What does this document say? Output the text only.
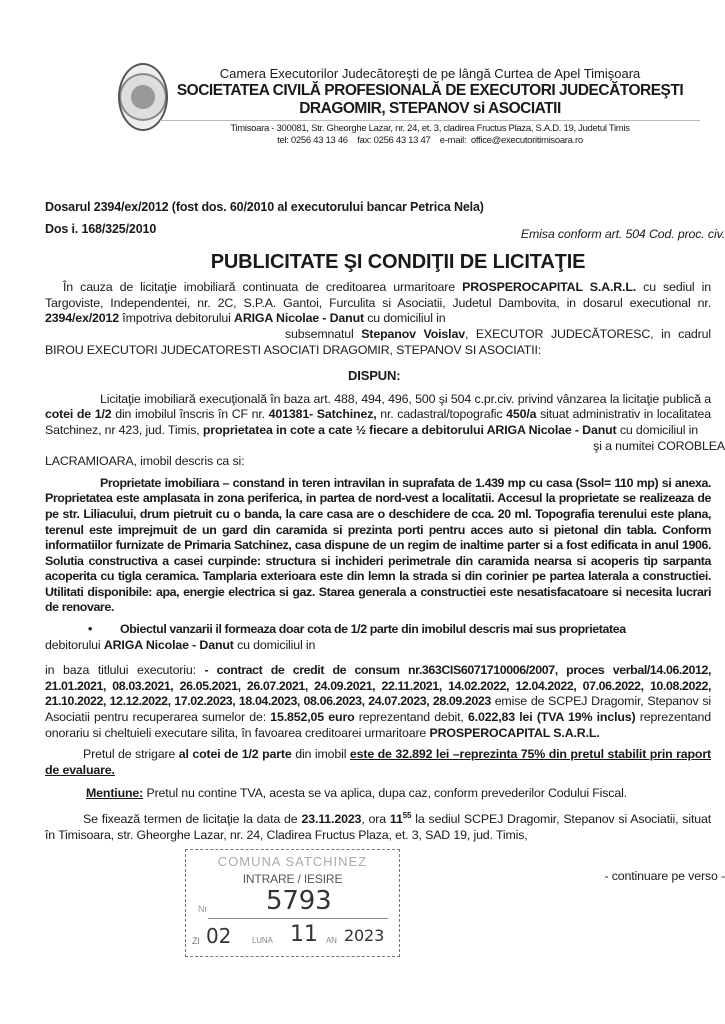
Camera Executorilor Judecătoreşti de pe lângă Curtea de Apel Timişoara
SOCIETATEA CIVILĂ PROFESIONALĂ DE EXECUTORI JUDECĂTOREŞTI
DRAGOMIR, STEPANOV si ASOCIATII
Timisoara - 300081, Str. Gheorghe Lazar, nr. 24, et. 3, cladirea Fructus Plaza, S.A.D. 19, Judetul Timis
tel: 0256 43 13 46    fax: 0256 43 13 47    e-mail:  office@executoritimisoara.ro
Dosarul 2394/ex/2012 (fost dos. 60/2010 al executorului bancar Petrica Nela)
Dos i. 168/325/2010	Emisa conform art. 504 Cod. proc. civ.
PUBLICITATE ŞI CONDIŢII DE LICITAŢIE
În cauza de licitaţie imobiliară continuata de creditoarea urmaritoare PROSPEROCAPITAL S.A.R.L. cu sediul in Targoviste, Independentei, nr. 2C, S.P.A. Gantoi, Furculita si Asociatii, Judetul Dambovita, in dosarul executional nr. 2394/ex/2012 împotriva debitorului ARIGA Nicolae - Danut cu domiciliul in
subsemnatul Stepanov Voislav, EXECUTOR JUDECĂTORESC, in cadrul BIROU EXECUTORI JUDECATORESTI ASOCIATI DRAGOMIR, STEPANOV SI ASOCIATII:
DISPUN:
Licitaţie imobiliară execuţională în baza art. 488, 494, 496, 500 şi 504 c.pr.civ. privind vânzarea la licitaţie publică a cotei de 1/2 din imobilul înscris în CF nr. 401381- Satchinez, nr. cadastral/topografic 450/a situat administrativ in localitatea Satchinez, nr 423, jud. Timis, proprietatea in cote a cate ½ fiecare a debitorului ARIGA Nicolae - Danut cu domiciliul in
şi a numitei COROBLEA
LACRAMIOARA, imobil descris ca si:
Proprietate imobiliara – constand in teren intravilan in suprafata de 1.439 mp cu casa (Ssol= 110 mp) si anexa. Proprietatea este amplasata in zona periferica, in partea de nord-vest a localitatii. Accesul la proprietate se realizeaza de pe str. Liliacului, drum pietruit cu o banda, la care casa are o deschidere de cca. 20 ml. Topografia terenului este plana, terenul este imprejmuit de un gard din caramida si prezinta porti pentru acces auto si pietonal din tabla. Conform informatiilor furnizate de Primaria Satchinez, casa dispune de un regim de inaltime parter si a fost edificata in anul 1906. Solutia constructiva a casei curpinde: structura si inchideri perimetrale din caramida nearsa si acoperis tip sarpanta acoperita cu tigla ceramica. Tamplaria exterioara este din lemn la strada si din corinier pe partea laterala a constructiei. Utilitati disponibile: apa, energie electrica si gaz. Starea generala a constructiei este nesatisfacatoare si necesita lucrari de renovare.
•	Obiectul vanzarii il formeaza doar cota de 1/2 parte din imobilul descris mai sus proprietatea
debitorului ARIGA Nicolae - Danut cu domiciliul in
in baza titlului executoriu: - contract de credit de consum nr.363CIS6071710006/2007, proces verbal/14.06.2012, 21.01.2021, 08.03.2021, 26.05.2021, 26.07.2021, 24.09.2021, 22.11.2021, 14.02.2022, 12.04.2022, 07.06.2022, 10.08.2022, 21.10.2022, 12.12.2022, 17.02.2023, 18.04.2023, 08.06.2023, 24.07.2023, 28.09.2023 emise de SCPEJ Dragomir, Stepanov si Asociatii pentru recuperarea sumelor de: 15.852,05 euro reprezentand debit, 6.022,83 lei (TVA 19% inclus) reprezentand onorariu si cheltuieli executare silita, în favoarea creditoarei urmaritoare PROSPEROCAPITAL S.A.R.L.
Pretul de strigare al cotei de 1/2 parte din imobil este de 32.892 lei –reprezinta 75% din pretul stabilit prin raport de evaluare.
Mentiune: Pretul nu contine TVA, acesta se va aplica, dupa caz, conform prevederilor Codului Fiscal.
Se fixează termen de licitaţie la data de 23.11.2023, ora $11^{55}$ la sediul SCPEJ Dragomir, Stepanov si Asociatii, situat în Timisoara, str. Gheorghe Lazar, nr. 24, Cladirea Fructus Plaza, et. 3, SAD 19, jud. Timis,
COMUNA SATCHINEZ
INTRARE / IESIRE
Nr 5793
ZI 02	LUNA 11 AN 2023
- continuare pe verso -
